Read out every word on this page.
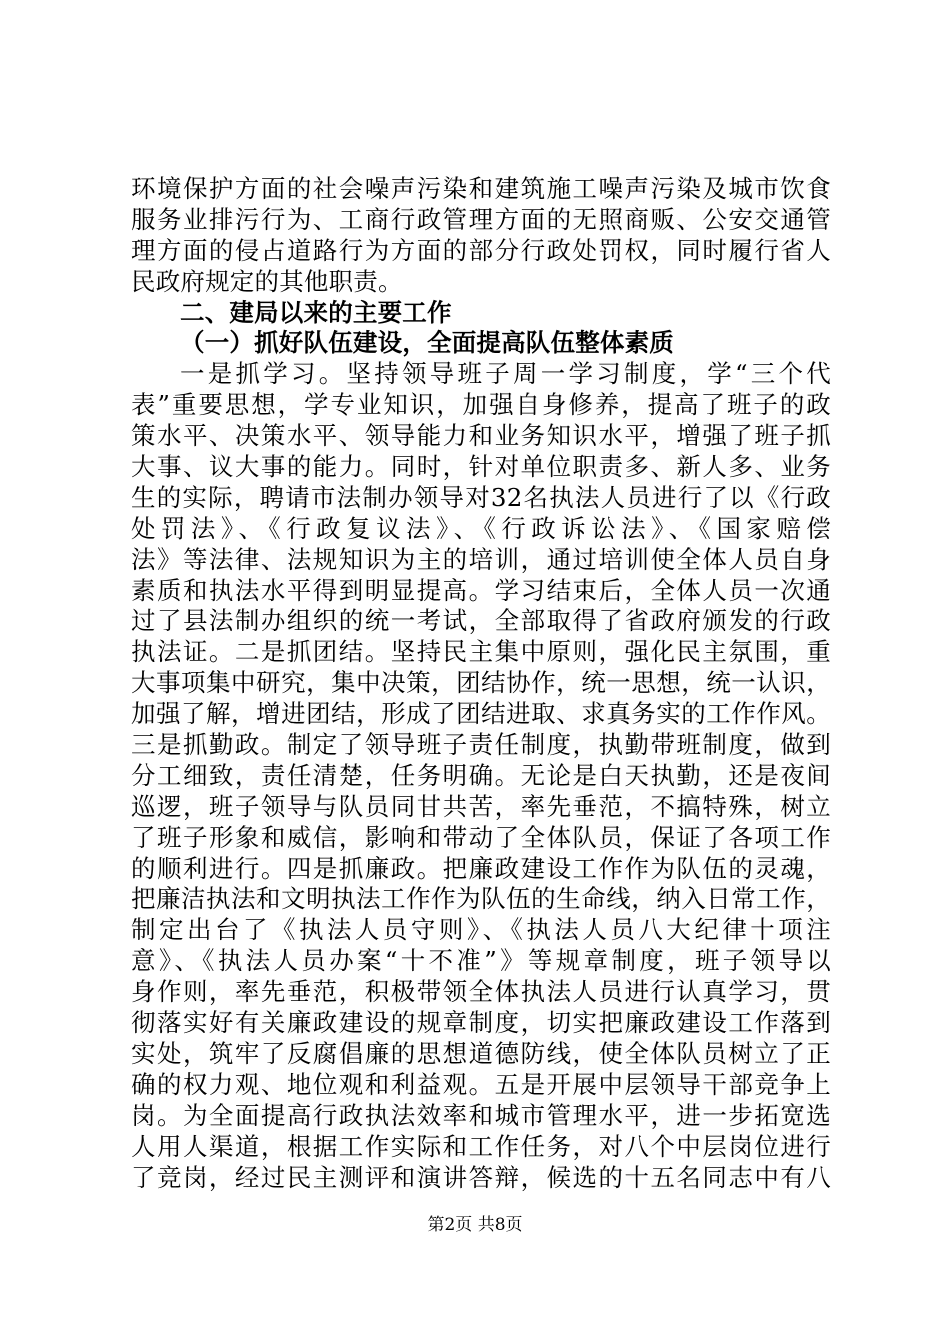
环境保护方面的社会噪声污染和建筑施工噪声污染及城市饮食
服务业排污行为、工商行政管理方面的无照商贩、公安交通管
理方面的侵占道路行为方面的部分行政处罚权，同时履行省人
民政府规定的其他职责。
二、建局以来的主要工作
（一）抓好队伍建设，全面提高队伍整体素质
一是抓学习。坚持领导班子周一学习制度，学“三个代
表”重要思想，学专业知识，加强自身修养，提高了班子的政
策水平、决策水平、领导能力和业务知识水平，增强了班子抓
大事、议大事的能力。同时，针对单位职责多、新人多、业务
生的实际，聘请市法制办领导对32名执法人员进行了以《行政
处罚法》、《行政复议法》、《行政诉讼法》、《国家赔偿
法》等法律、法规知识为主的培训，通过培训使全体人员自身
素质和执法水平得到明显提高。学习结束后，全体人员一次通
过了县法制办组织的统一考试，全部取得了省政府颁发的行政
执法证。二是抓团结。坚持民主集中原则，强化民主氛围，重
大事项集中研究，集中决策，团结协作，统一思想，统一认识，
加强了解，增进团结，形成了团结进取、求真务实的工作作风。
三是抓勤政。制定了领导班子责任制度，执勤带班制度，做到
分工细致，责任清楚，任务明确。无论是白天执勤，还是夜间
巡逻，班子领导与队员同甘共苦，率先垂范，不搞特殊，树立
了班子形象和威信，影响和带动了全体队员，保证了各项工作
的顺利进行。四是抓廉政。把廉政建设工作作为队伍的灵魂，
把廉洁执法和文明执法工作作为队伍的生命线，纳入日常工作，
制定出台了《执法人员守则》、《执法人员八大纪律十项注
意》、《执法人员办案“十不准”》等规章制度，班子领导以
身作则，率先垂范，积极带领全体执法人员进行认真学习，贯
彻落实好有关廉政建设的规章制度，切实把廉政建设工作落到
实处，筑牢了反腐倡廉的思想道德防线，使全体队员树立了正
确的权力观、地位观和利益观。五是开展中层领导干部竞争上
岗。为全面提高行政执法效率和城市管理水平，进一步拓宽选
人用人渠道，根据工作实际和工作任务，对八个中层岗位进行
了竞岗，经过民主测评和演讲答辩，候选的十五名同志中有八
第2页 共8页
